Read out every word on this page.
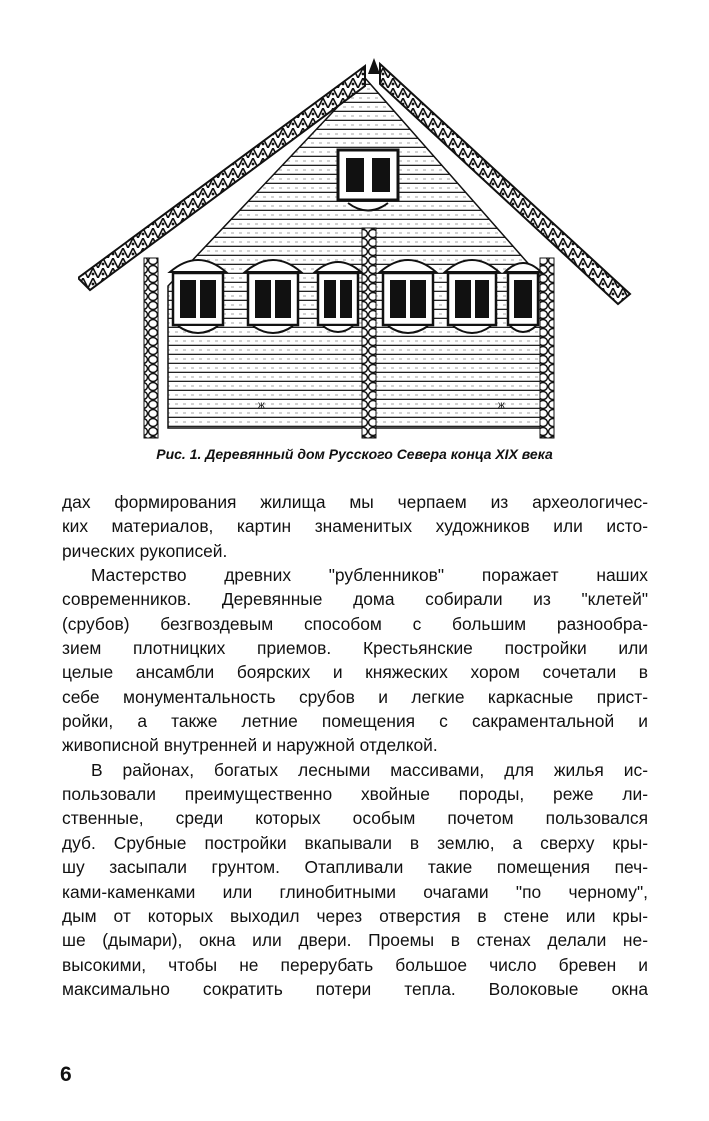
ж	ж
Рис. 1. Деревянный дом Русского Севера конца XIX века
дах формирования жилища мы черпаем из археологичес-
ких материалов, картин знаменитых художников или исто-
рических рукописей.
Мастерство древних "рубленников" поражает наших
современников. Деревянные дома собирали из "клетей"
(срубов) безгвоздевым способом с большим разнообра-
зием плотницких приемов. Крестьянские постройки или
целые ансамбли боярских и княжеских хором сочетали в
себе монументальность срубов и легкие каркасные прист-
ройки, а также летние помещения с сакраментальной и
живописной внутренней и наружной отделкой.
В районах, богатых лесными массивами, для жилья ис-
пользовали преимущественно хвойные породы, реже ли-
ственные, среди которых особым почетом пользовался
дуб. Срубные постройки вкапывали в землю, а сверху кры-
шу засыпали грунтом. Отапливали такие помещения печ-
ками-каменками или глинобитными очагами "по черному",
дым от которых выходил через отверстия в стене или кры-
ше (дымари), окна или двери. Проемы в стенах делали не-
высокими, чтобы не перерубать большое число бревен и
максимально сократить потери тепла. Волоковые окна
6
